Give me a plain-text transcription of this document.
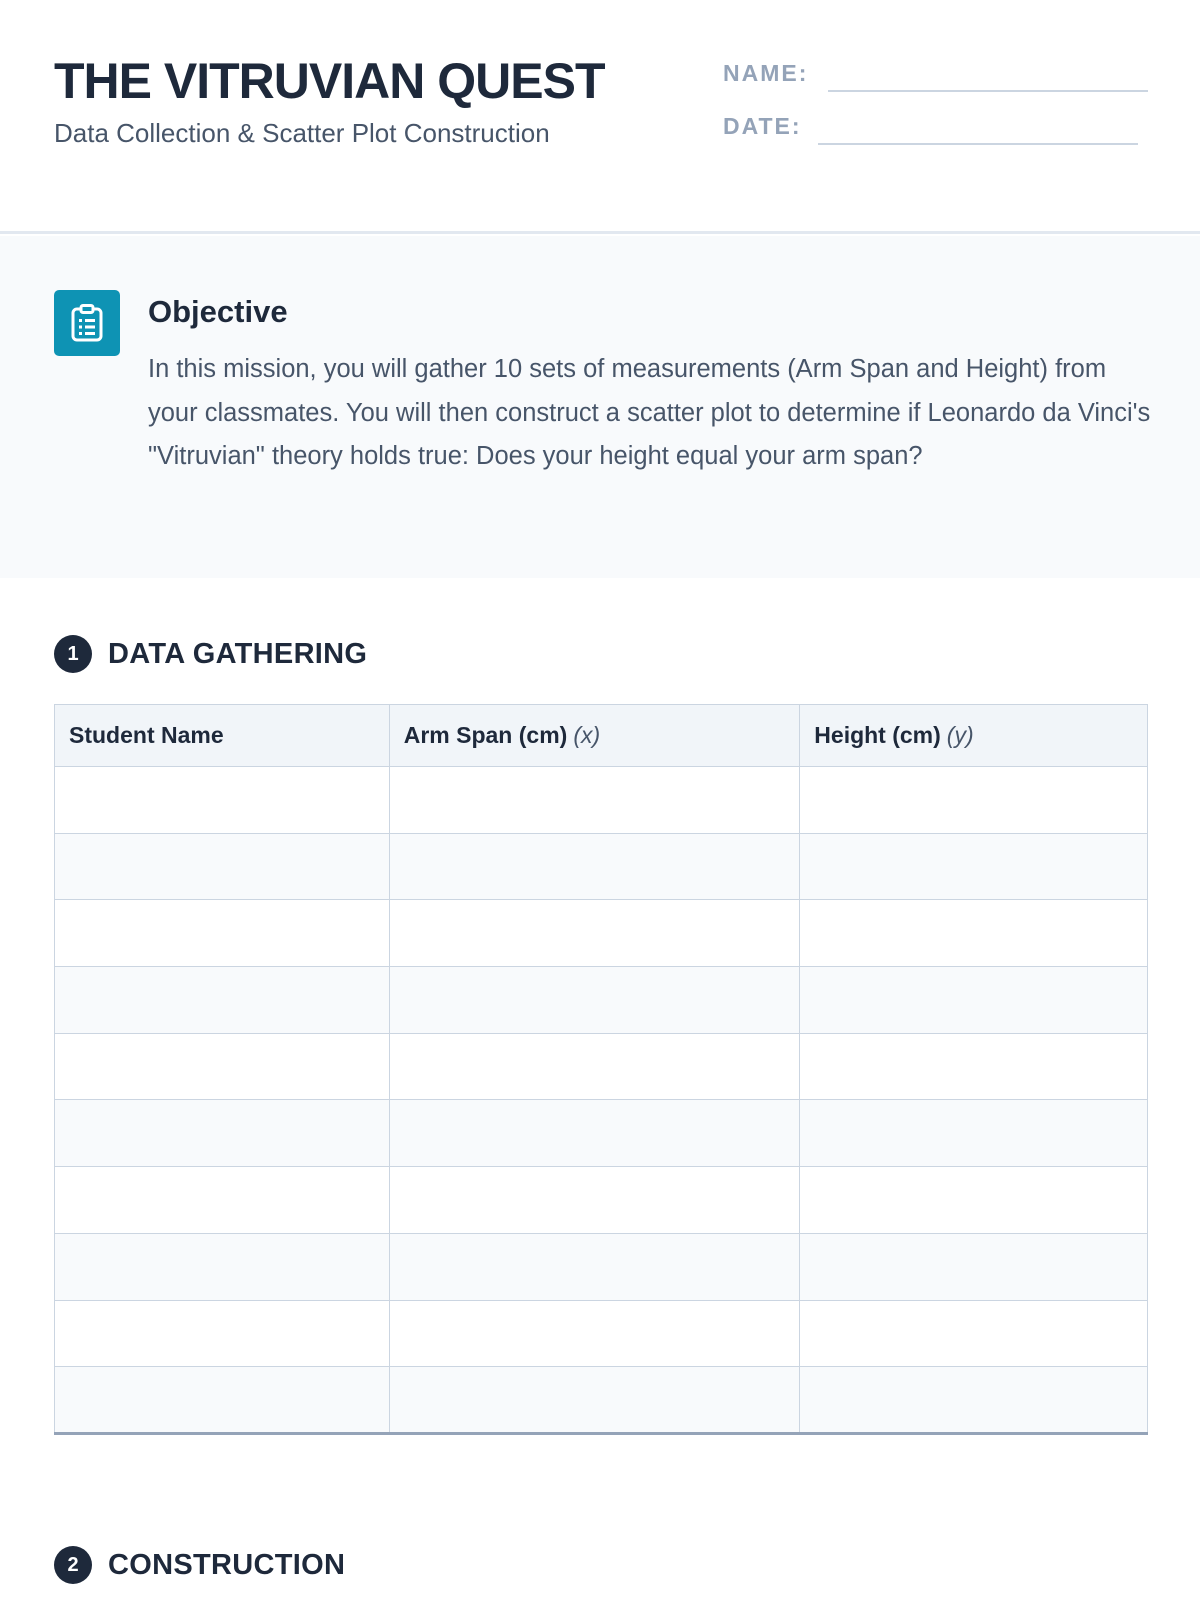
THE VITRUVIAN QUEST
Data Collection & Scatter Plot Construction
NAME:
DATE:
Objective
In this mission, you will gather 10 sets of measurements (Arm Span and Height) from your classmates. You will then construct a scatter plot to determine if Leonardo da Vinci's "Vitruvian" theory holds true: Does your height equal your arm span?
1	DATA GATHERING
Student Name	Arm Span (cm) (x)	Height (cm) (y)

2	CONSTRUCTION
